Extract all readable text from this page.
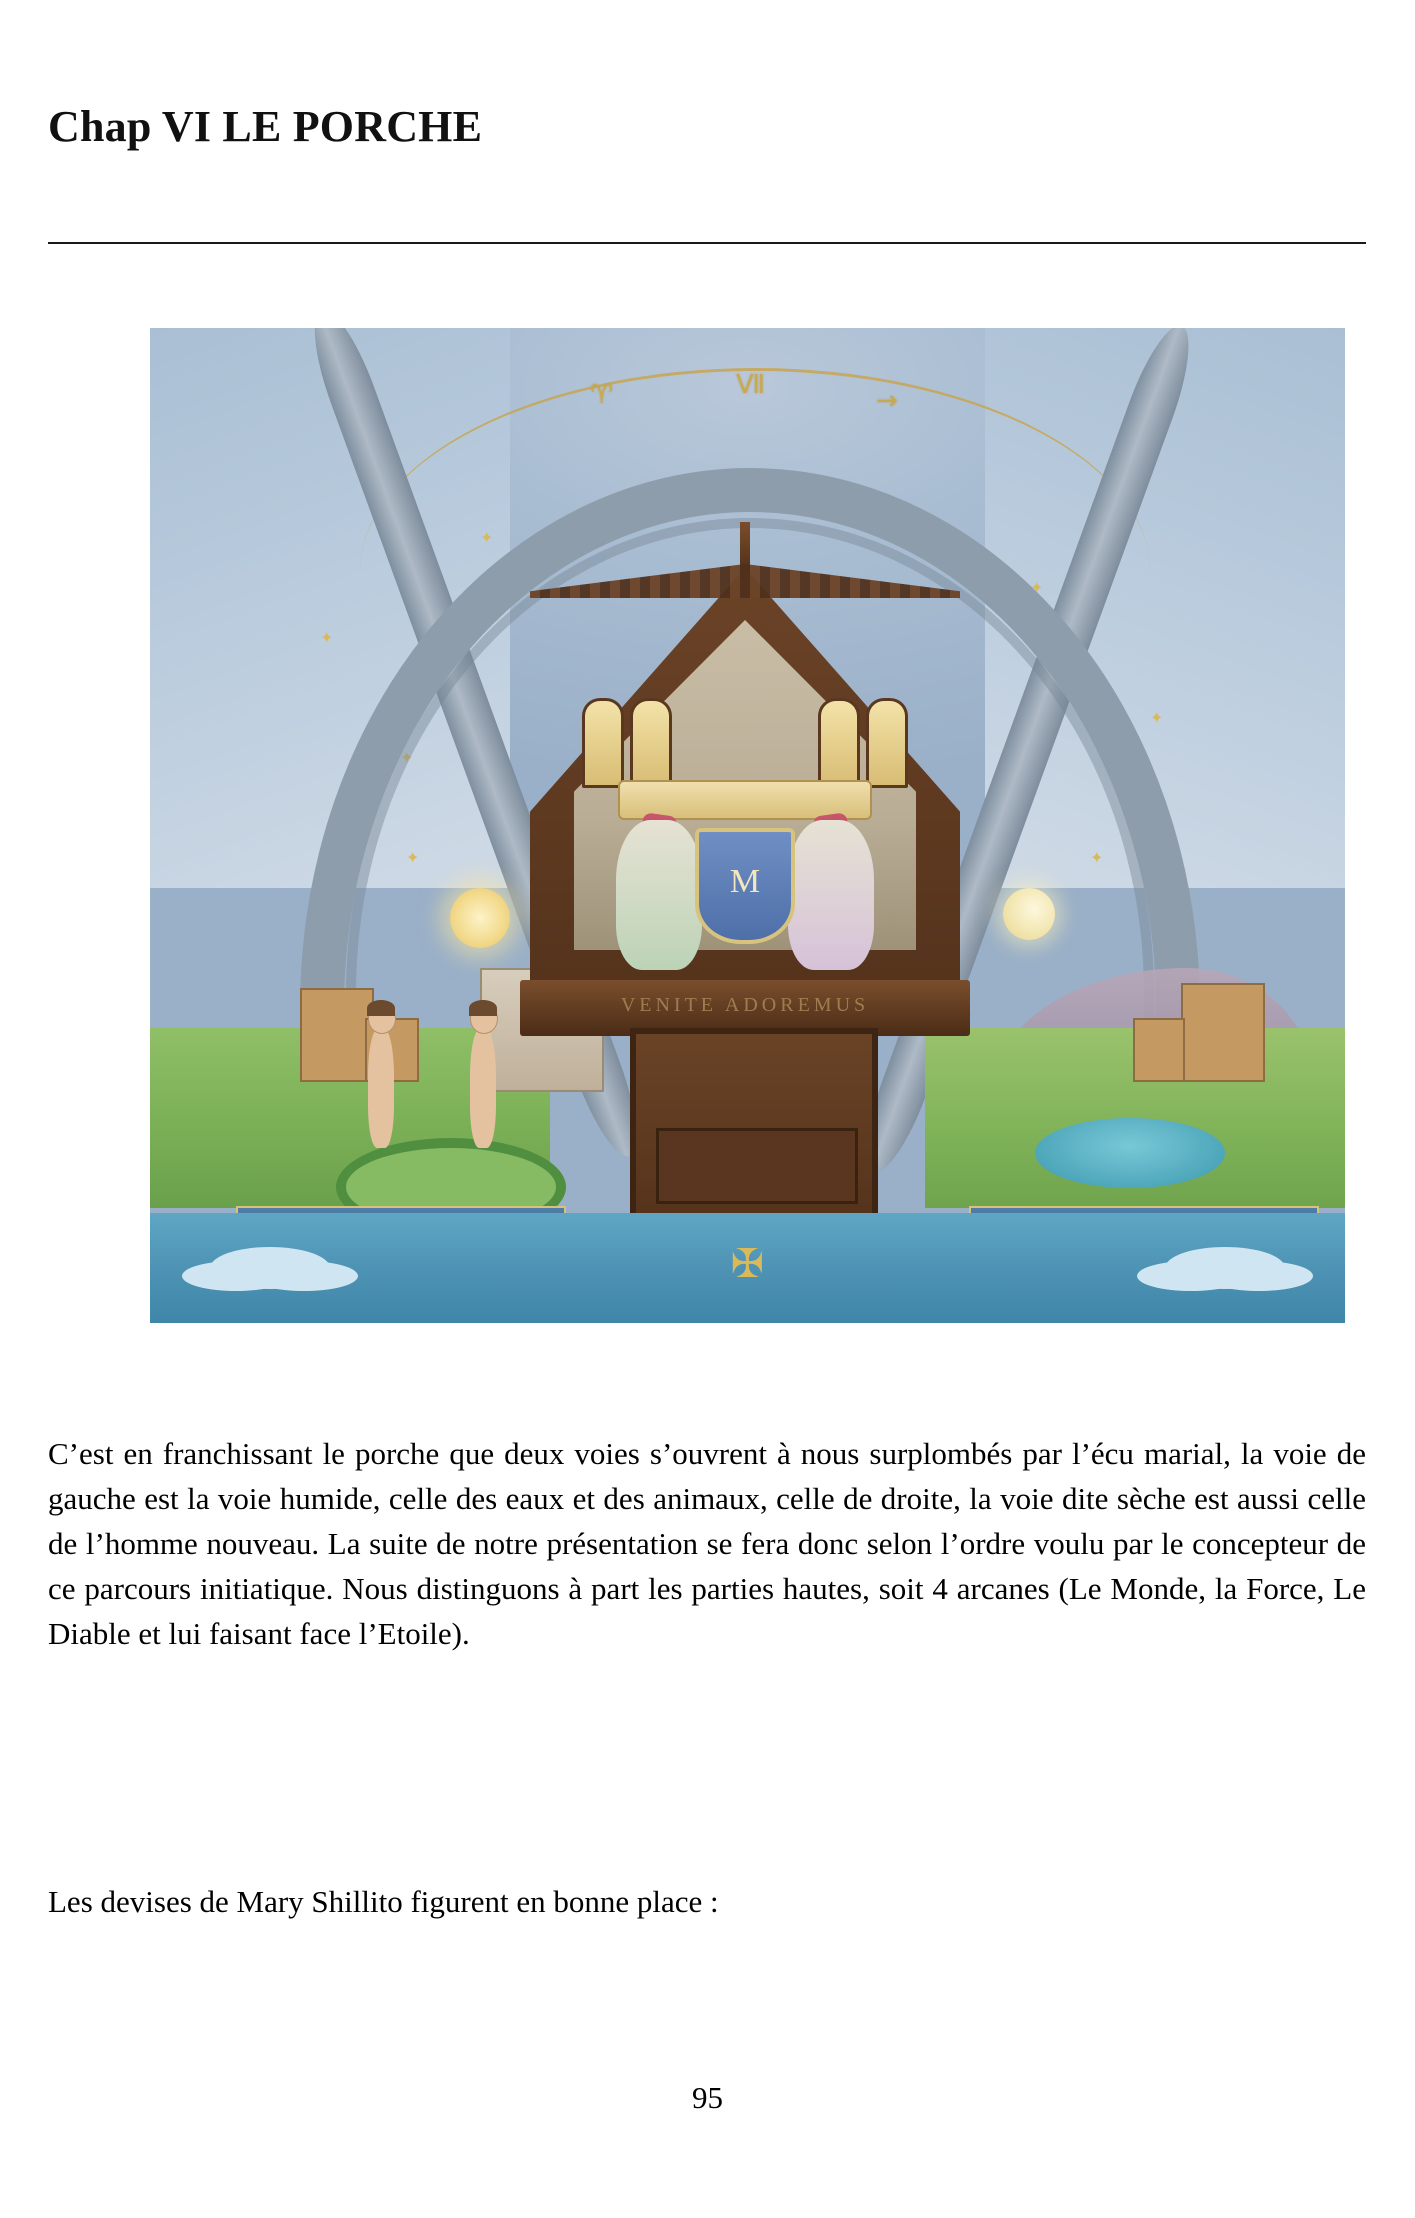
Chap VI LE PORCHE
♈	Ⅶ
→
✦
✦
✦
✦
✦
✦	✦
M
VENITE ADOREMUS
✠

C’est en franchissant le porche que deux voies s’ouvrent à nous surplombés par l’écu marial, la voie de gauche est la voie humide, celle des eaux et des animaux, celle de droite, la voie dite sèche est aussi celle de l’homme nouveau. La suite de notre présentation se fera donc selon l’ordre voulu par le concepteur de ce parcours initiatique. Nous distinguons à part les parties hautes, soit 4 arcanes (Le Monde, la Force, Le Diable et lui faisant face l’Etoile).

Les devises de Mary Shillito figurent en bonne place :

95
